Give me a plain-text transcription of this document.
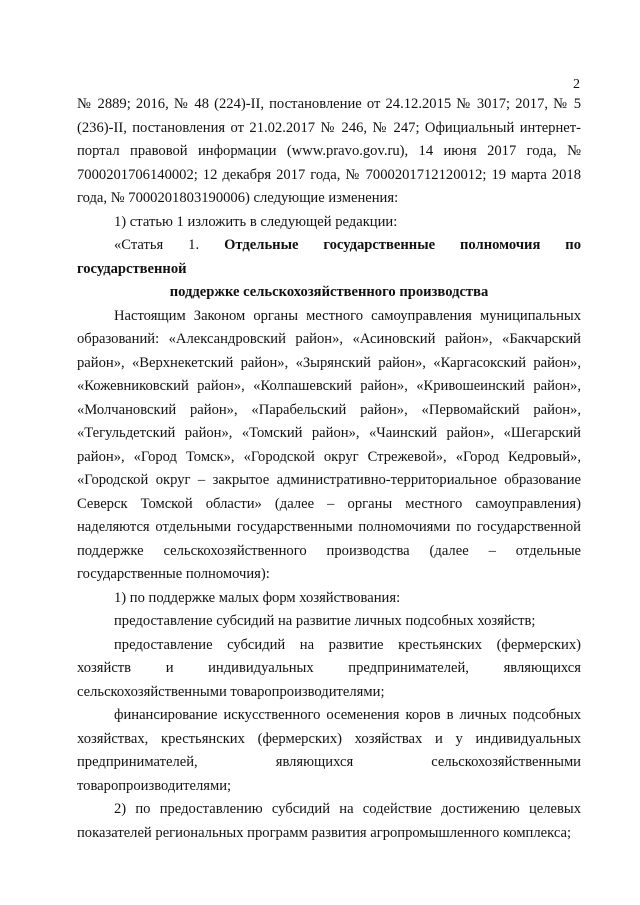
2

№ 2889; 2016, № 48 (224)-II, постановление от 24.12.2015 № 3017; 2017, № 5 (236)-II, постановления от 21.02.2017 № 246, № 247; Официальный интернет-портал правовой информации (www.pravo.gov.ru), 14 июня 2017 года, № 7000201706140002; 12 декабря 2017 года, № 7000201712120012; 19 марта 2018 года, № 7000201803190006) следующие изменения:

1) статью 1 изложить в следующей редакции:

«Статья 1. Отдельные государственные полномочия по государственной

поддержке сельскохозяйственного производства

Настоящим Законом органы местного самоуправления муниципальных образований: «Александровский район», «Асиновский район», «Бакчарский район», «Верхнекетский район», «Зырянский район», «Каргасокский район», «Кожевниковский район», «Колпашевский район», «Кривошеинский район», «Молчановский район», «Парабельский район», «Первомайский район», «Тегульдетский район», «Томский район», «Чаинский район», «Шегарский район», «Город Томск», «Городской округ Стрежевой», «Город Кедровый», «Городской округ – закрытое административно-территориальное образование Северск Томской области» (далее – органы местного самоуправления) наделяются отдельными государственными полномочиями по государственной поддержке сельскохозяйственного производства (далее – отдельные государственные полномочия):

1) по поддержке малых форм хозяйствования:

предоставление субсидий на развитие личных подсобных хозяйств;

предоставление субсидий на развитие крестьянских (фермерских) хозяйств и индивидуальных предпринимателей, являющихся сельскохозяйственными товаропроизводителями;

финансирование искусственного осеменения коров в личных подсобных хозяйствах, крестьянских (фермерских) хозяйствах и у индивидуальных предпринимателей, являющихся сельскохозяйственными товаропроизводителями;

2) по предоставлению субсидий на содействие достижению целевых показателей региональных программ развития агропромышленного комплекса;
